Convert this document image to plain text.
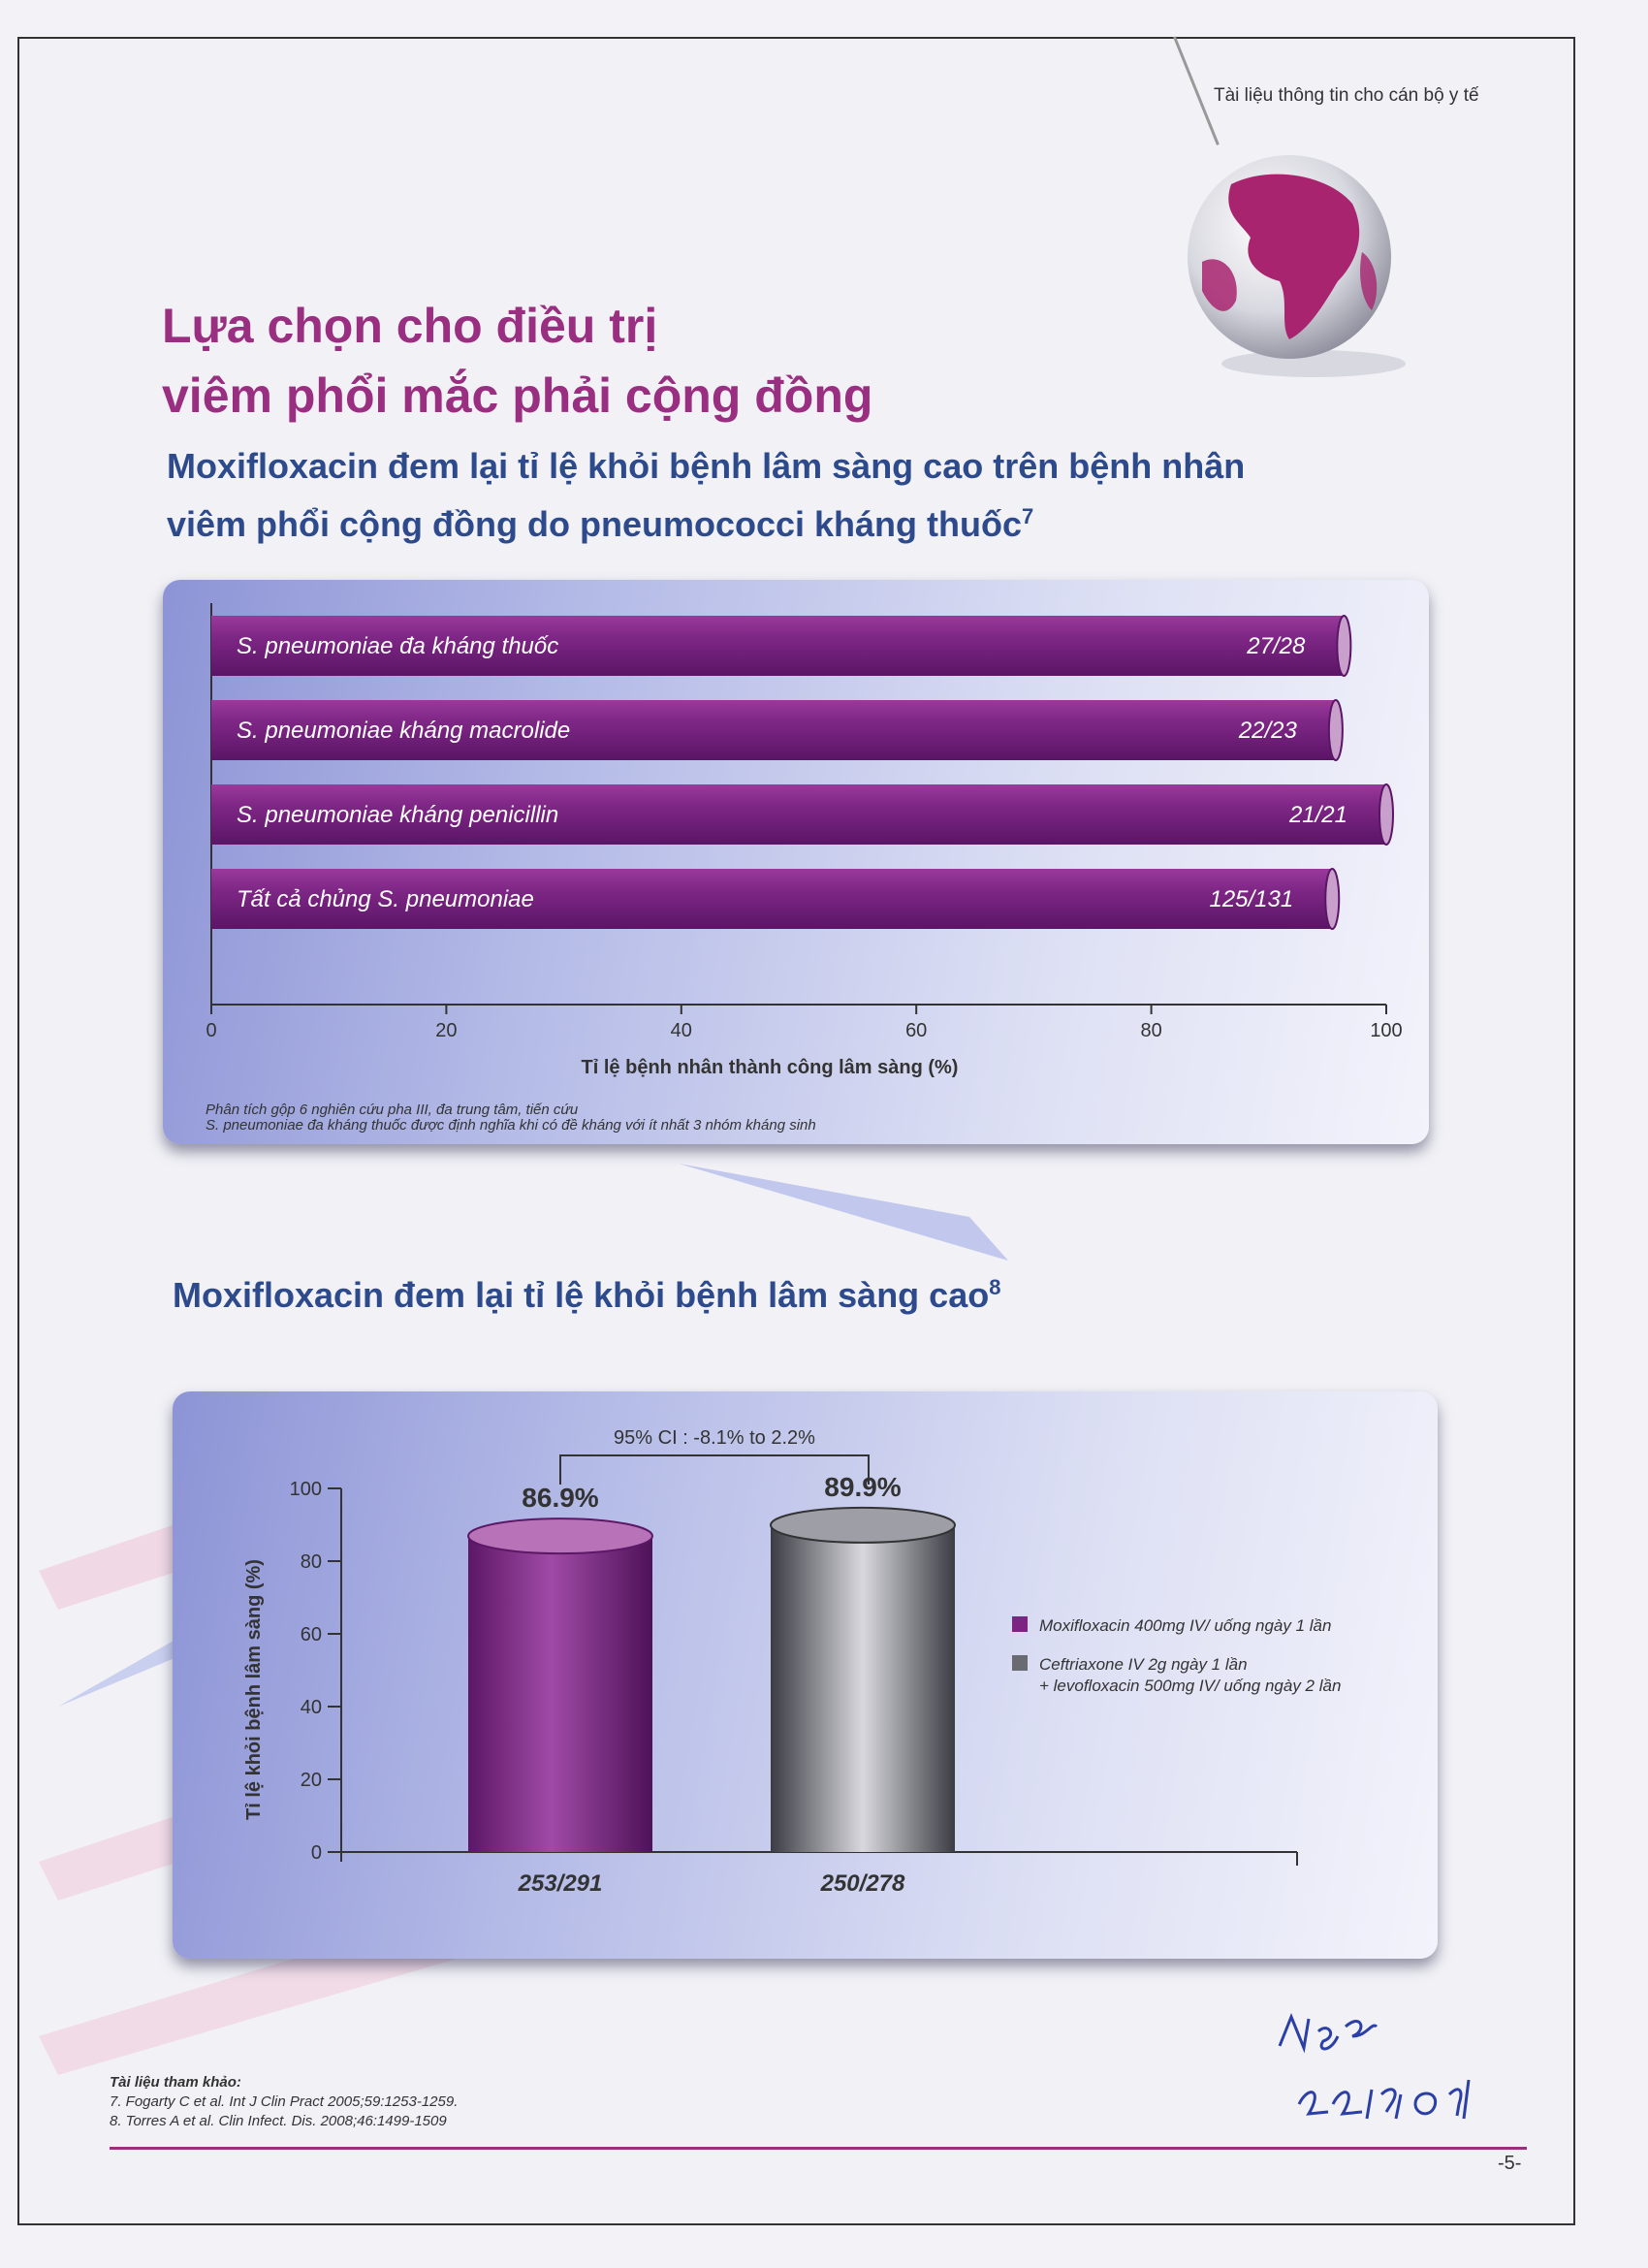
Tài liệu thông tin cho cán bộ y tế
Lựa chọn cho điều trị
viêm phổi mắc phải cộng đồng
Moxifloxacin đem lại tỉ lệ khỏi bệnh lâm sàng cao trên bệnh nhân
viêm phổi cộng đồng do pneumococci kháng thuốc$^7$
0	20	40	60	80	100
Tỉ lệ bệnh nhân thành công lâm sàng (%)
S. pneumoniae đa kháng thuốc	27/28
S. pneumoniae kháng macrolide	22/23
S. pneumoniae kháng penicillin	21/21
Tất cả chủng S. pneumoniae	125/131
Phân tích gộp 6 nghiên cứu pha III, đa trung tâm, tiến cứu
S. pneumoniae đa kháng thuốc được định nghĩa khi có đề kháng với ít nhất 3 nhóm kháng sinh
Moxifloxacin đem lại tỉ lệ khỏi bệnh lâm sàng cao$^8$
0
20
40
60
80
100
Tỉ lệ khỏi bệnh lâm sàng (%)
86.9%
253/291
89.9%
250/278
95% CI : -8.1% to 2.2%
Moxifloxacin 400mg IV/ uống ngày 1 lần
Ceftriaxone IV 2g ngày 1 lần
+ levofloxacin 500mg IV/ uống ngày 2 lần
Tài liệu tham khảo:
7. Fogarty C et al. Int J Clin Pract 2005;59:1253-1259.
8. Torres A et al. Clin Infect. Dis. 2008;46:1499-1509
-5-
